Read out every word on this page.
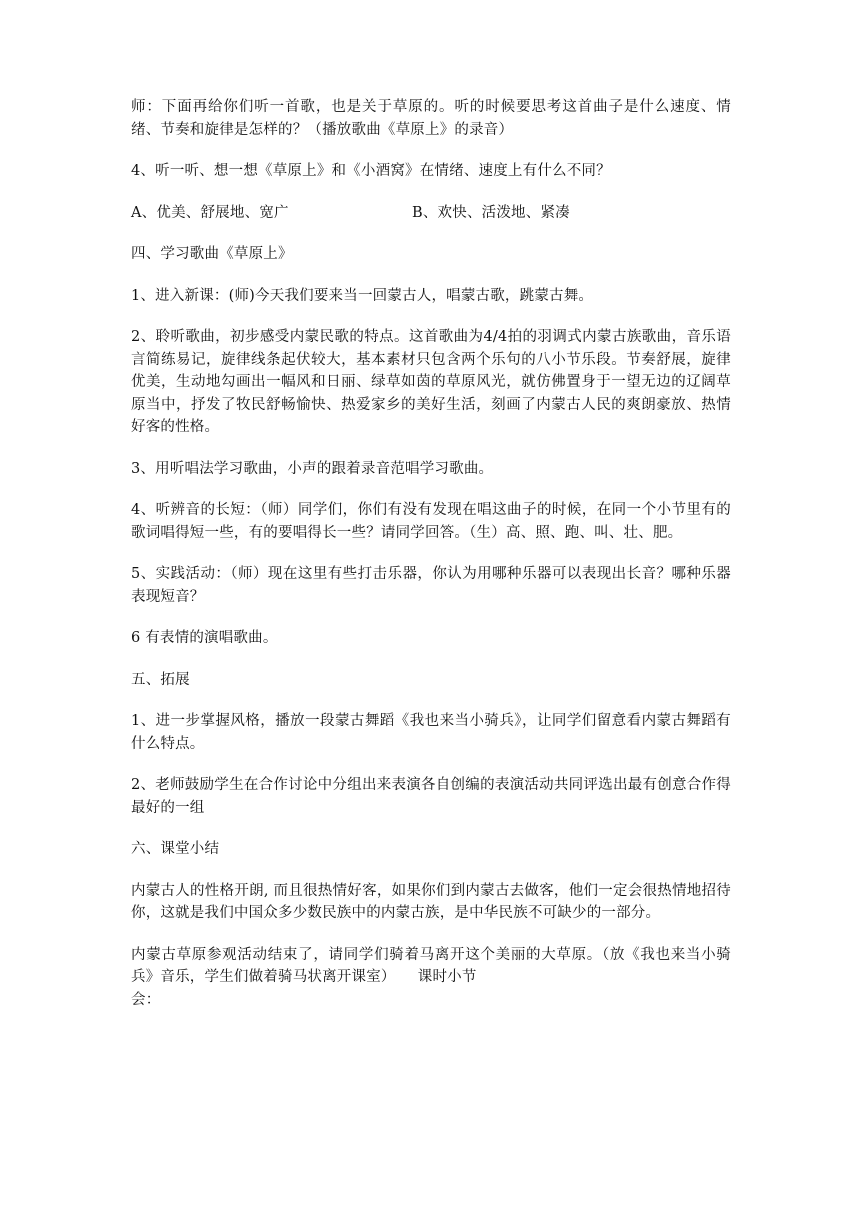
师：下面再给你们听一首歌，也是关于草原的。听的时候要思考这首曲子是什么速度、情绪、节奏和旋律是怎样的？（播放歌曲《草原上》的录音）

4、听一听、想一想《草原上》和《小酒窝》在情绪、速度上有什么不同？

A、优美、舒展地、宽广	B、欢快、活泼地、紧凑

四、学习歌曲《草原上》

1、进入新课：(师)今天我们要来当一回蒙古人，唱蒙古歌，跳蒙古舞。

2、聆听歌曲，初步感受内蒙民歌的特点。这首歌曲为4/4拍的羽调式内蒙古族歌曲，音乐语言简练易记，旋律线条起伏较大，基本素材只包含两个乐句的八小节乐段。节奏舒展，旋律优美，生动地勾画出一幅风和日丽、绿草如茵的草原风光，就仿佛置身于一望无边的辽阔草原当中，抒发了牧民舒畅愉快、热爱家乡的美好生活，刻画了内蒙古人民的爽朗豪放、热情好客的性格。

3、用听唱法学习歌曲，小声的跟着录音范唱学习歌曲。

4、听辨音的长短：（师）同学们，你们有没有发现在唱这曲子的时候，在同一个小节里有的歌词唱得短一些，有的要唱得长一些？请同学回答。（生）高、照、跑、叫、壮、肥。

5、实践活动：（师）现在这里有些打击乐器，你认为用哪种乐器可以表现出长音？哪种乐器表现短音？

6 有表情的演唱歌曲。

五、拓展

1、进一步掌握风格，播放一段蒙古舞蹈《我也来当小骑兵》，让同学们留意看内蒙古舞蹈有什么特点。

2、老师鼓励学生在合作讨论中分组出来表演各自创编的表演活动共同评选出最有创意合作得最好的一组

六、课堂小结

内蒙古人的性格开朗, 而且很热情好客，如果你们到内蒙古去做客，他们一定会很热情地招待你，这就是我们中国众多少数民族中的内蒙古族，是中华民族不可缺少的一部分。

内蒙古草原参观活动结束了，请同学们骑着马离开这个美丽的大草原。（放《我也来当小骑兵》音乐，学生们做着骑马状离开课室）　　课时小节

会：
